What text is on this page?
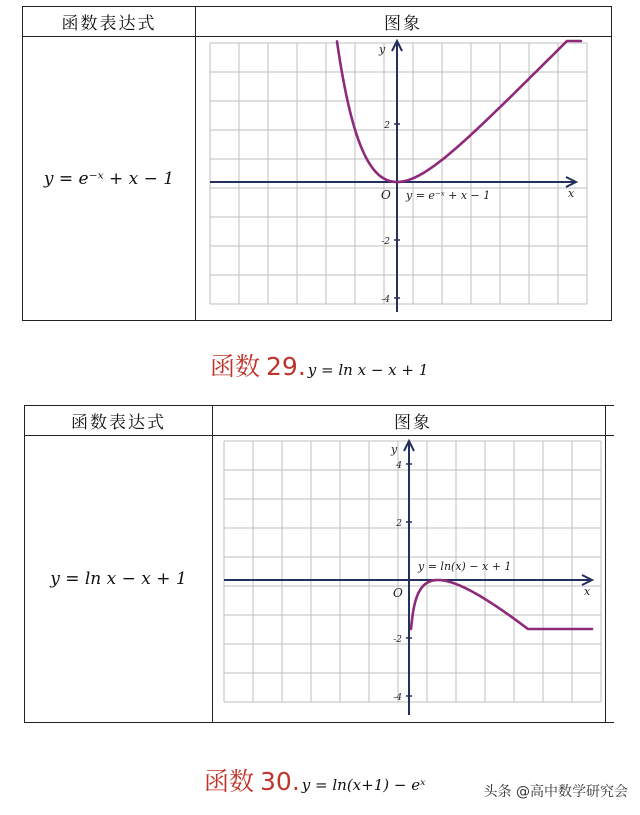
函数表达式	图象
y = e⁻ˣ + x − 1
x
y
O
2
-2
-4
y = e⁻ˣ + x − 1
函数 29. y = ln x − x + 1
函数表达式	图象
y = ln x − x + 1
x
y
O
4
2
-2
-4
y = ln(x) − x + 1
函数 30. y = ln(x+1) − eˣ	头条 @高中数学研究会
